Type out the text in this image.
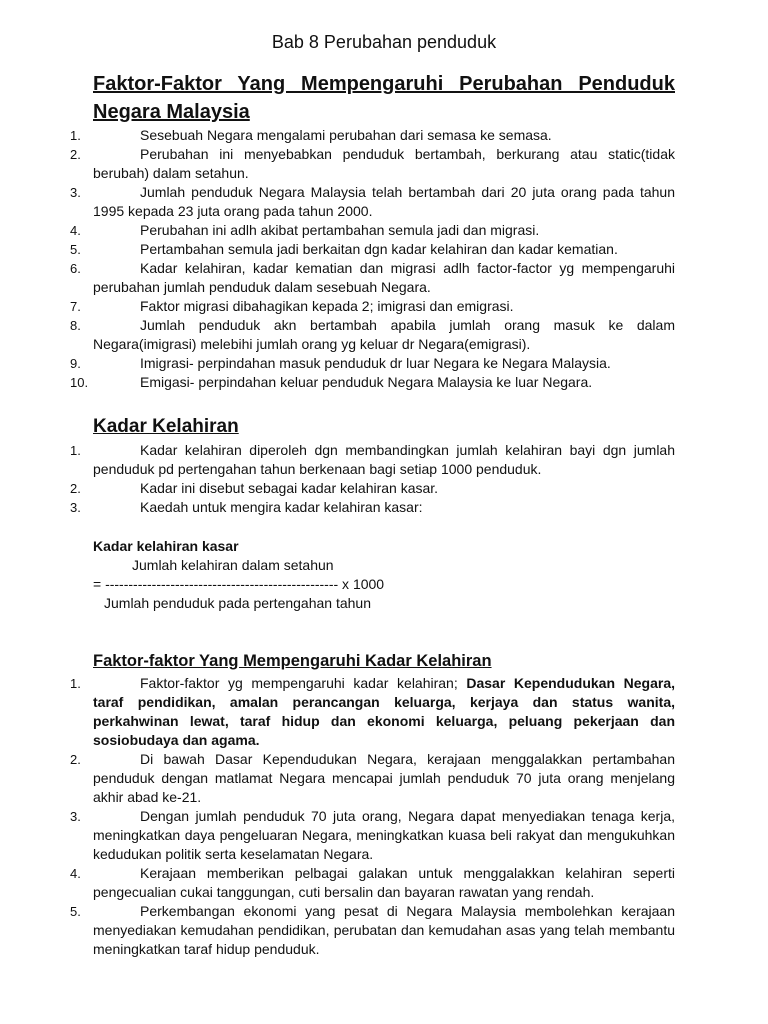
Bab 8 Perubahan penduduk
Faktor-Faktor Yang Mempengaruhi Perubahan Penduduk
Negara Malaysia
1.	Sesebuah Negara mengalami perubahan dari semasa ke semasa.
2.	Perubahan ini menyebabkan penduduk bertambah, berkurang atau static(tidak berubah) dalam setahun.
3.	Jumlah penduduk Negara Malaysia telah bertambah dari 20 juta orang pada tahun 1995 kepada 23 juta orang pada tahun 2000.
4.	Perubahan ini adlh akibat pertambahan semula jadi dan migrasi.
5.	Pertambahan semula jadi berkaitan dgn kadar kelahiran dan kadar kematian.
6.	Kadar kelahiran, kadar kematian dan migrasi adlh factor-factor yg mempengaruhi perubahan jumlah penduduk dalam sesebuah Negara.
7.	Faktor migrasi dibahagikan kepada 2; imigrasi dan emigrasi.
8.	Jumlah penduduk akn bertambah apabila jumlah orang masuk ke dalam Negara(imigrasi) melebihi jumlah orang yg keluar dr Negara(emigrasi).
9.	Imigrasi- perpindahan masuk penduduk dr luar Negara ke Negara Malaysia.
10.	Emigasi- perpindahan keluar penduduk Negara Malaysia ke luar Negara.
Kadar Kelahiran
1.	Kadar kelahiran diperoleh dgn membandingkan jumlah kelahiran bayi dgn jumlah penduduk pd pertengahan tahun berkenaan bagi setiap 1000 penduduk.
2.	Kadar ini disebut sebagai kadar kelahiran kasar.
3.	Kaedah untuk mengira kadar kelahiran kasar:
Kadar kelahiran kasar
Jumlah kelahiran dalam setahun
= -------------------------------------------------- x 1000
Jumlah penduduk pada pertengahan tahun
Faktor-faktor Yang Mempengaruhi Kadar Kelahiran
1.	Faktor-faktor yg mempengaruhi kadar kelahiran; Dasar Kependudukan Negara, taraf pendidikan, amalan perancangan keluarga, kerjaya dan status wanita, perkahwinan lewat, taraf hidup dan ekonomi keluarga, peluang pekerjaan dan sosiobudaya dan agama.
2.	Di bawah Dasar Kependudukan Negara, kerajaan menggalakkan pertambahan penduduk dengan matlamat Negara mencapai jumlah penduduk 70 juta orang menjelang akhir abad ke-21.
3.	Dengan jumlah penduduk 70 juta orang, Negara dapat menyediakan tenaga kerja, meningkatkan daya pengeluaran Negara, meningkatkan kuasa beli rakyat dan mengukuhkan kedudukan politik serta keselamatan Negara.
4.	Kerajaan memberikan pelbagai galakan untuk menggalakkan kelahiran seperti pengecualian cukai tanggungan, cuti bersalin dan bayaran rawatan yang rendah.
5.	Perkembangan ekonomi yang pesat di Negara Malaysia membolehkan kerajaan menyediakan kemudahan pendidikan, perubatan dan kemudahan asas yang telah membantu meningkatkan taraf hidup penduduk.
